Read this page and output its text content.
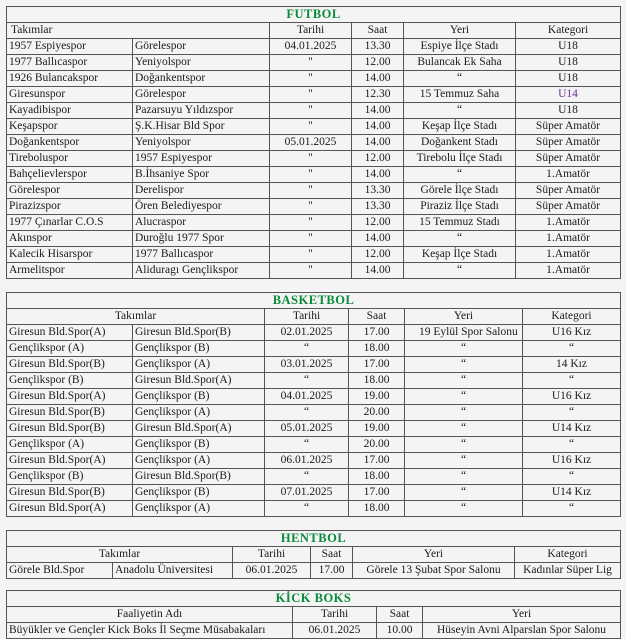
FUTBOL					
Takımlar		Tarihi	Saat	Yeri	Kategori
1957 Espiyespor	Görelespor	04.01.2025	13.30	Espiye İlçe Stadı	U18
1977 Ballıcaspor	Yeniyolspor	"	12.00	Bulancak Ek Saha	U18
1926 Bulancakspor	Doğankentspor	"	14.00	“	U18
Giresunspor	Görelespor	"	12.30	15 Temmuz Saha	U14
Kayadibispor	Pazarsuyu Yıldızspor	"	14.00	“	U18
Keşapspor	Ş.K.Hisar Bld Spor	"	14.00	Keşap İlçe Stadı	Süper Amatör
Doğankentspor	Yeniyolspor	05.01.2025	14.00	Doğankent Stadı	Süper Amatör
Tireboluspor	1957 Espiyespor	"	12.00	Tirebolu İlçe Stadı	Süper Amatör
Bahçelievlerspor	B.İhsaniye Spor	"	14.00	“	1.Amatör
Görelespor	Derelispor	"	13.30	Görele İlçe Stadı	Süper Amatör
Pirazizspor	Ören Belediyespor	"	13.30	Piraziz İlçe Stadı	Süper Amatör
1977 Çınarlar C.O.S	Alucraspor	"	12.00	15 Temmuz Stadı	1.Amatör
Akınspor	Duroğlu 1977 Spor	"	14.00	“	1.Amatör
Kalecik Hisarspor	1977 Ballıcaspor	"	12.00	Keşap İlçe Stadı	1.Amatör
Armelitspor	Aliduragı Gençlikspor	"	14.00	“	1.Amatör
BASKETBOL					
Takımlar		Tarihi	Saat	Yeri	Kategori
Giresun Bld.Spor(A)	Giresun Bld.Spor(B)	02.01.2025	17.00	19 Eylül Spor Salonu	U16 Kız
Gençlikspor (A)	Gençlikspor (B)	“	18.00	“	“
Giresun Bld.Spor(B)	Gençlikspor (A)	03.01.2025	17.00	“	14 Kız
Gençlikspor (B)	Giresun Bld.Spor(A)	“	18.00	“	“
Giresun Bld.Spor(A)	Gençlikspor (B)	04.01.2025	19.00	“	U16 Kız
Giresun Bld.Spor(B)	Gençlikspor (A)	“	20.00	“	“
Giresun Bld.Spor(B)	Giresun Bld.Spor(A)	05.01.2025	19.00	“	U14 Kız
Gençlikspor (A)	Gençlikspor (B)	“	20.00	“	“
Giresun Bld.Spor(A)	Gençlikspor (A)	06.01.2025	17.00	“	U16 Kız
Gençlikspor (B)	Giresun Bld.Spor(B)	“	18.00	“	“
Giresun Bld.Spor(B)	Gençlikspor (B)	07.01.2025	17.00	“	U14 Kız
Giresun Bld.Spor(A)	Gençlikspor (A)	“	18.00	“	“
HENTBOL					
Takımlar		Tarihi	Saat	Yeri	Kategori
Görele Bld.Spor	Anadolu Üniversitesi	06.01.2025	17.00	Görele 13 Şubat Spor Salonu	Kadınlar Süper Lig
KİCK BOKS			
Faaliyetin Adı	Tarihi	Saat	Yeri
Büyükler ve Gençler Kick Boks İl Seçme Müsabakaları	06.01.2025	10.00	Hüseyin Avni Alparslan Spor Salonu
